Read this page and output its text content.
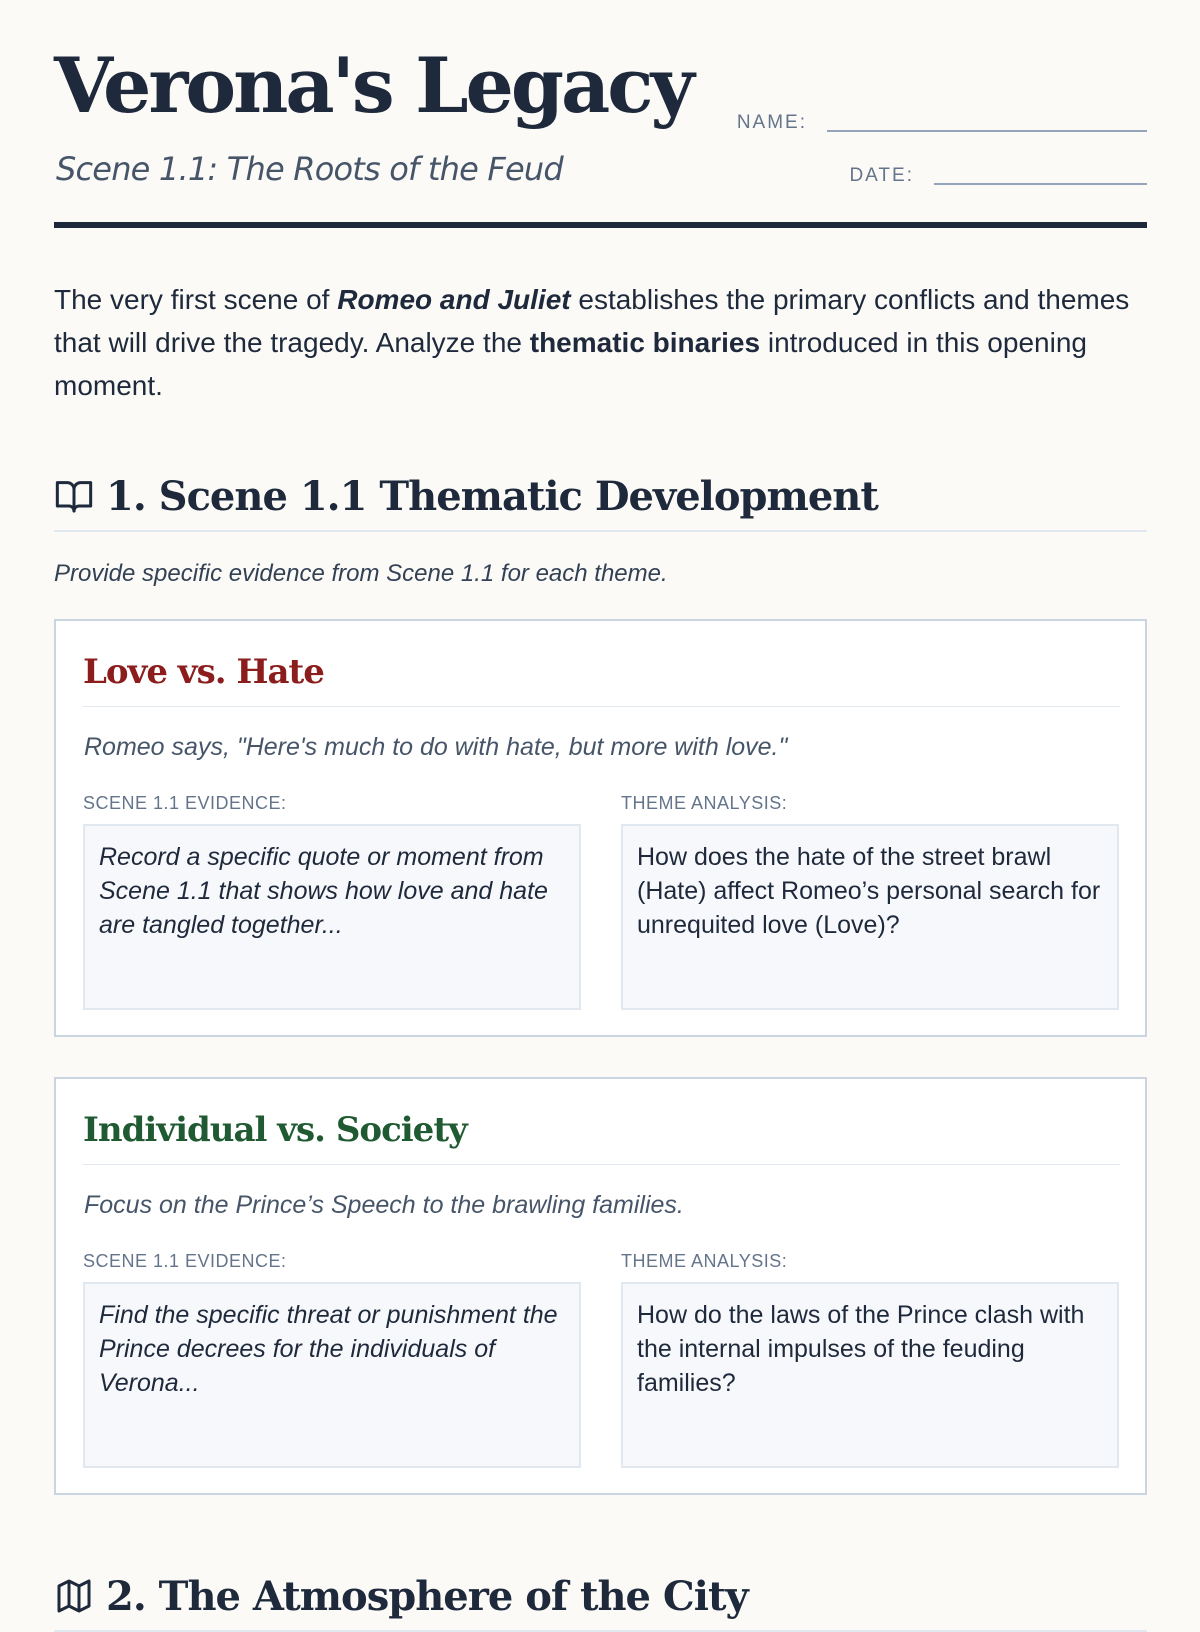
Verona's Legacy
Scene 1.1: The Roots of the Feud
NAME:
DATE:

The very first scene of Romeo and Juliet establishes the primary conflicts and themes that will drive the tragedy. Analyze the thematic binaries introduced in this opening moment.

1. Scene 1.1 Thematic Development
Provide specific evidence from Scene 1.1 for each theme.
Love vs. Hate
Romeo says, "Here's much to do with hate, but more with love."
SCENE 1.1 EVIDENCE:	THEME ANALYSIS:
Record a specific quote or moment from Scene 1.1 that shows how love and hate are tangled together...
How does the hate of the street brawl (Hate) affect Romeo’s personal search for unrequited love (Love)?
Individual vs. Society
Focus on the Prince’s Speech to the brawling families.
SCENE 1.1 EVIDENCE:	THEME ANALYSIS:
Find the specific threat or punishment the Prince decrees for the individuals of Verona...
How do the laws of the Prince clash with the internal impulses of the feuding families?
2. The Atmosphere of the City
